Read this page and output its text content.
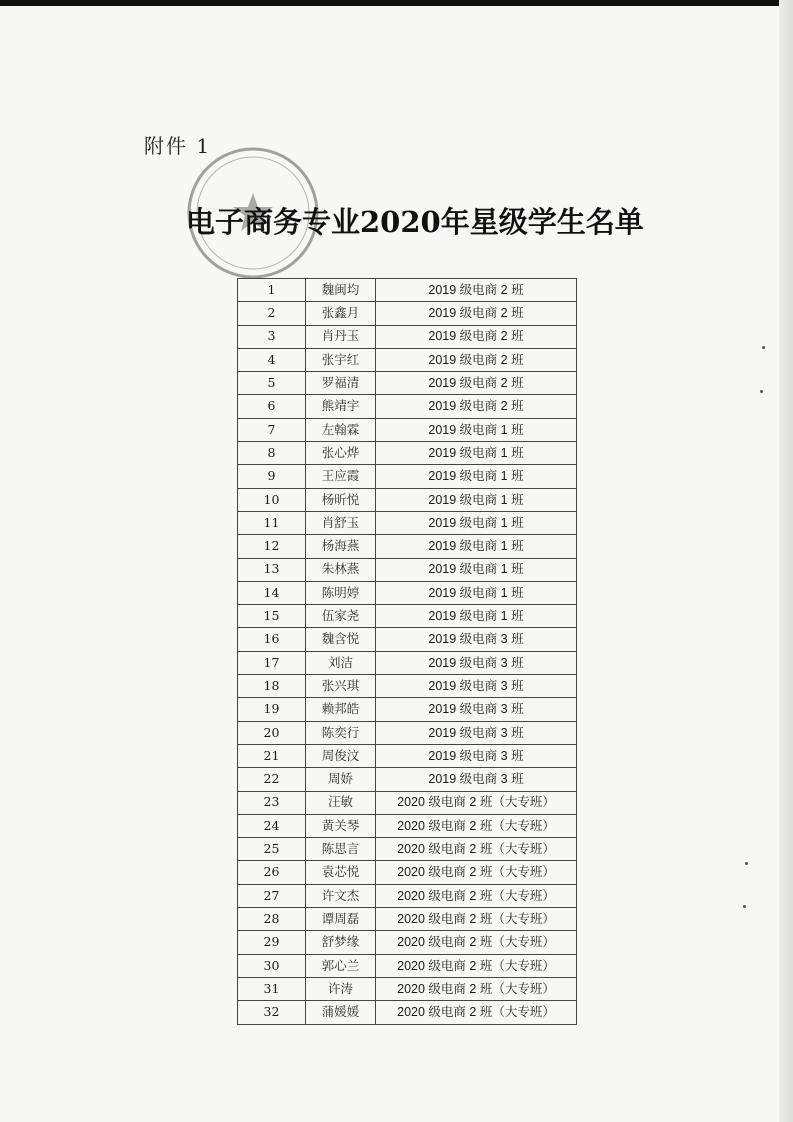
附件 1
电子商务专业2020年星级学生名单
1	魏闽均	2019 级电商 2 班
2	张鑫月	2019 级电商 2 班
3	肖丹玉	2019 级电商 2 班
4	张宇红	2019 级电商 2 班
5	罗福清	2019 级电商 2 班
6	熊靖宇	2019 级电商 2 班
7	左翰霖	2019 级电商 1 班
8	张心烨	2019 级电商 1 班
9	王应霞	2019 级电商 1 班
10	杨昕悦	2019 级电商 1 班
11	肖舒玉	2019 级电商 1 班
12	杨海燕	2019 级电商 1 班
13	朱林燕	2019 级电商 1 班
14	陈明婷	2019 级电商 1 班
15	伍家尧	2019 级电商 1 班
16	魏含悦	2019 级电商 3 班
17	刘洁	2019 级电商 3 班
18	张兴琪	2019 级电商 3 班
19	赖邦皓	2019 级电商 3 班
20	陈奕行	2019 级电商 3 班
21	周俊汶	2019 级电商 3 班
22	周娇	2019 级电商 3 班
23	汪敏	2020 级电商 2 班（大专班）
24	黄关琴	2020 级电商 2 班（大专班）
25	陈思言	2020 级电商 2 班（大专班）
26	袁芯悦	2020 级电商 2 班（大专班）
27	许文杰	2020 级电商 2 班（大专班）
28	谭周磊	2020 级电商 2 班（大专班）
29	舒梦缘	2020 级电商 2 班（大专班）
30	郭心兰	2020 级电商 2 班（大专班）
31	许涛	2020 级电商 2 班（大专班）
32	蒲媛媛	2020 级电商 2 班（大专班）
